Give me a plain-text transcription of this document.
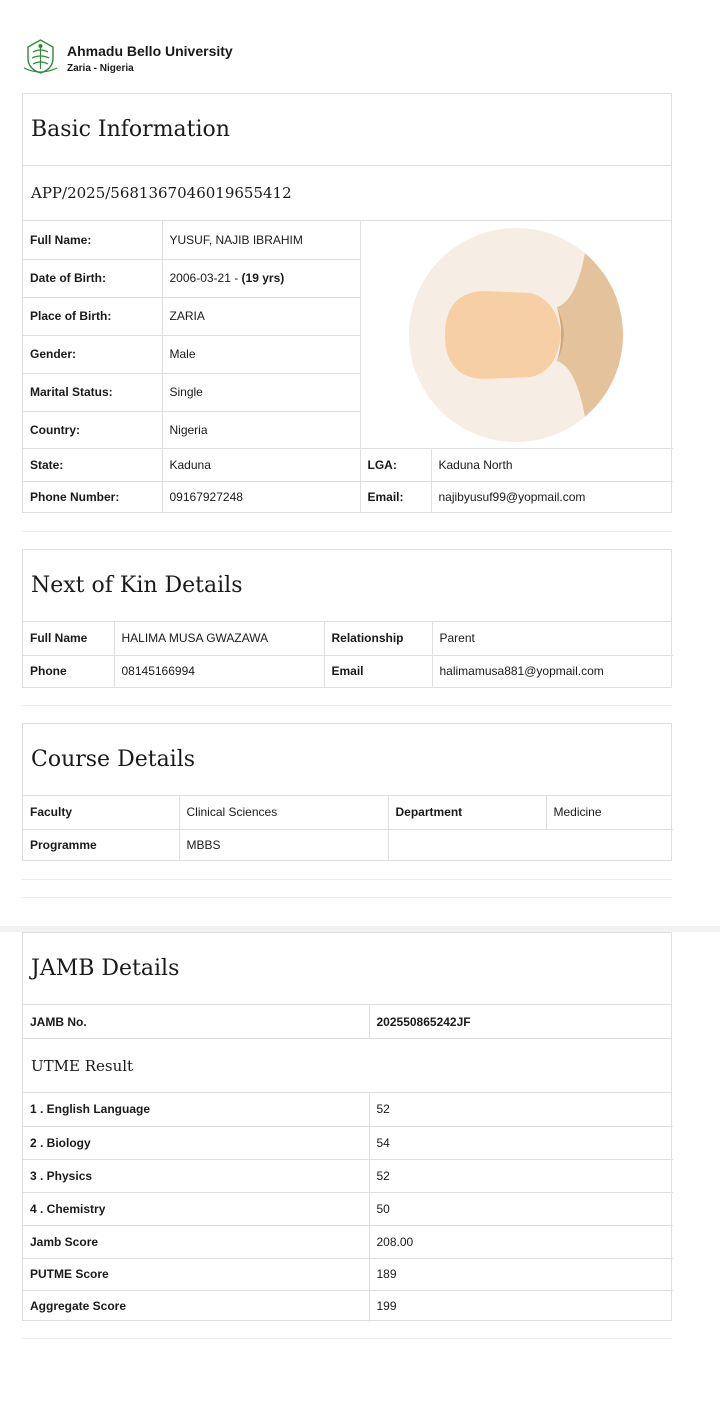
Ahmadu Bello University
Zaria - Nigeria
Basic Information
APP/2025/5681367046019655412
Full Name:	YUSUF, NAJIB IBRAHIM	

Date of Birth:	2006-03-21 - (19 yrs)		
Place of Birth:	ZARIA		
Gender:	Male		
Marital Status:	Single		
Country:	Nigeria		
State:	Kaduna	LGA:	Kaduna North
Phone Number:	09167927248	Email:	najibyusuf99@yopmail.com
Next of Kin Details
Full Name	HALIMA MUSA GWAZAWA	Relationship	Parent
Phone	08145166994	Email	halimamusa881@yopmail.com
Course Details
Faculty	Clinical Sciences	Department	Medicine
Programme	MBBS		
JAMB Details
JAMB No.	202550865242JF
UTME Result
1 . English Language	52
2 . Biology	54
3 . Physics	52
4 . Chemistry	50
Jamb Score	208.00
PUTME Score	189
Aggregate Score	199
